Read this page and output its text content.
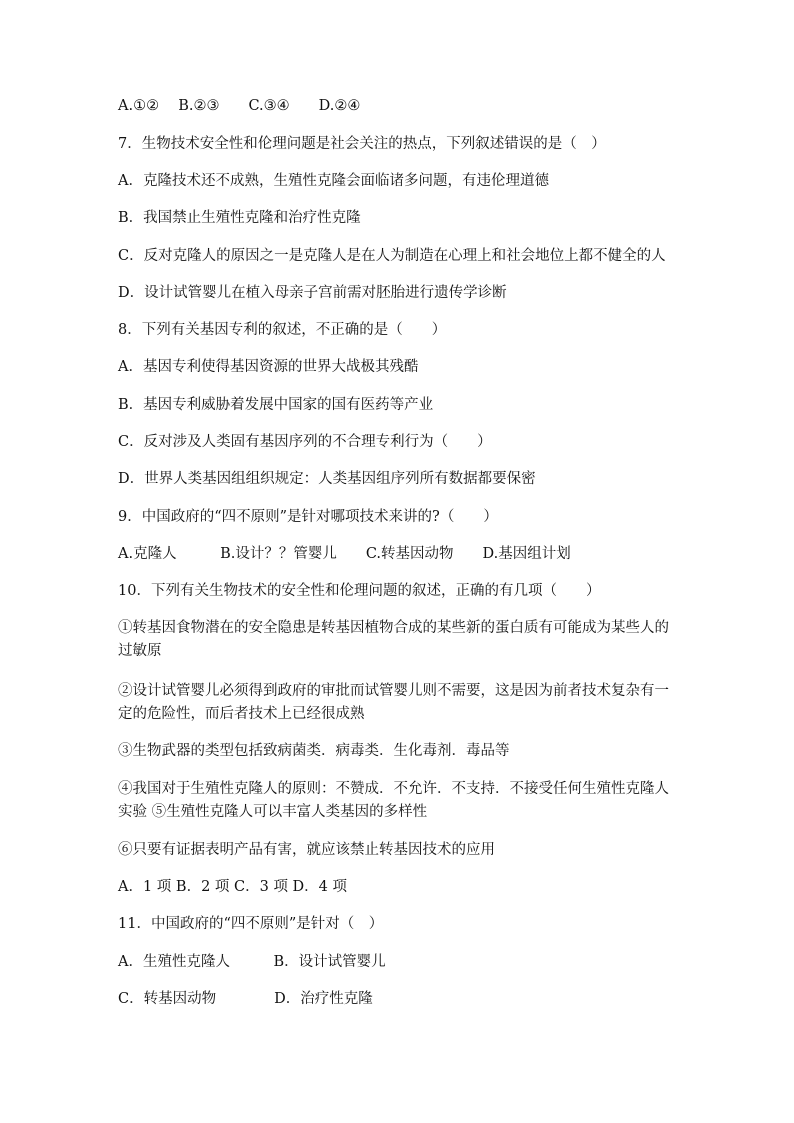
A.①②　 B.②③　　C.③④　　D.②④
7．生物技术安全性和伦理问题是社会关注的热点，下列叙述错误的是（　）
A．克隆技术还不成熟，生殖性克隆会面临诸多问题，有违伦理道德
B．我国禁止生殖性克隆和治疗性克隆
C．反对克隆人的原因之一是克隆人是在人为制造在心理上和社会地位上都不健全的人
D．设计试管婴儿在植入母亲子宫前需对胚胎进行遗传学诊断
8．下列有关基因专利的叙述，不正确的是（　　）
A．基因专利使得基因资源的世界大战极其残酷
B．基因专利威胁着发展中国家的国有医药等产业
C．反对涉及人类固有基因序列的不合理专利行为（　　）
D．世界人类基因组组织规定：人类基因组序列所有数据都要保密
9．中国政府的“四不原则”是针对哪项技术来讲的?（　　）
A.克隆人　　　B.设计？？管婴儿　　C.转基因动物　　D.基因组计划
10．下列有关生物技术的安全性和伦理问题的叙述，正确的有几项（　　）
①转基因食物潜在的安全隐患是转基因植物合成的某些新的蛋白质有可能成为某些人的过敏原
②设计试管婴儿必须得到政府的审批而试管婴儿则不需要，这是因为前者技术复杂有一定的危险性，而后者技术上已经很成熟
③生物武器的类型包括致病菌类．病毒类．生化毒剂．毒品等
④我国对于生殖性克隆人的原则：不赞成．不允许．不支持．不接受任何生殖性克隆人实验 ⑤生殖性克隆人可以丰富人类基因的多样性
⑥只要有证据表明产品有害，就应该禁止转基因技术的应用
A．1 项 B．2 项 C．3 项 D．4 项
11．中国政府的“四不原则”是针对（　）
A．生殖性克隆人　　　B．设计试管婴儿
C．转基因动物　　　　D．治疗性克隆
